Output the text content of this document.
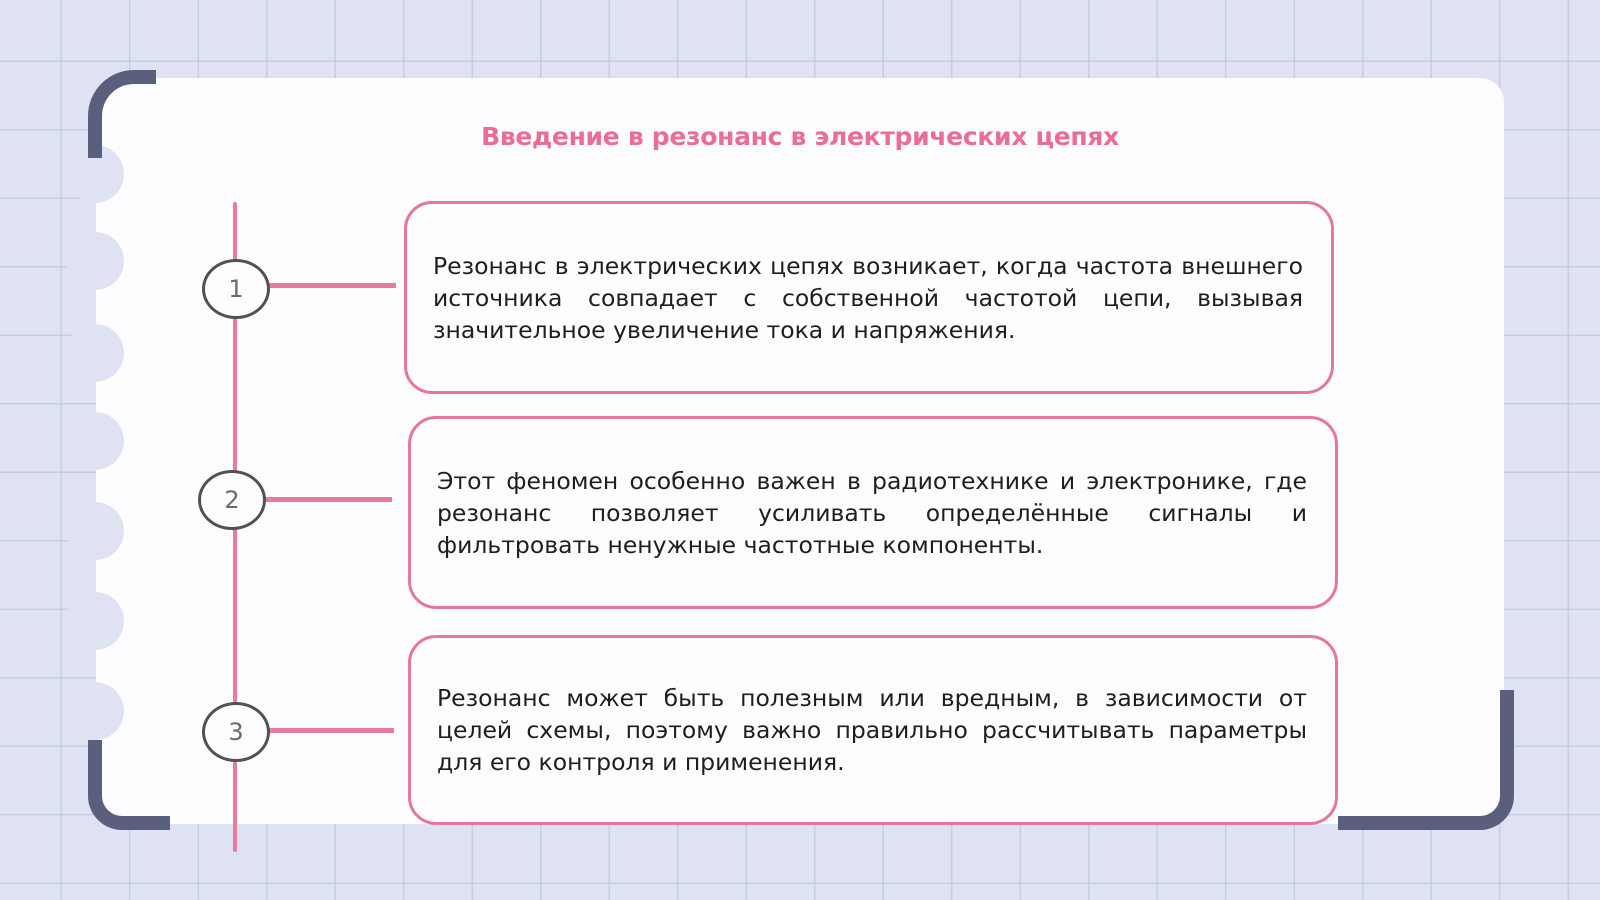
Введение в резонанс в электрических цепях
1
2
3

Резонанс в электрических цепях возникает, когда частота внешнего источника совпадает с собственной частотой цепи, вызывая значительное увеличение тока и напряжения.

Этот феномен особенно важен в радиотехнике и электронике, где резонанс позволяет усиливать определённые сигналы и фильтровать ненужные частотные компоненты.

Резонанс может быть полезным или вредным, в зависимости от целей схемы, поэтому важно правильно рассчитывать параметры для его контроля и применения.
